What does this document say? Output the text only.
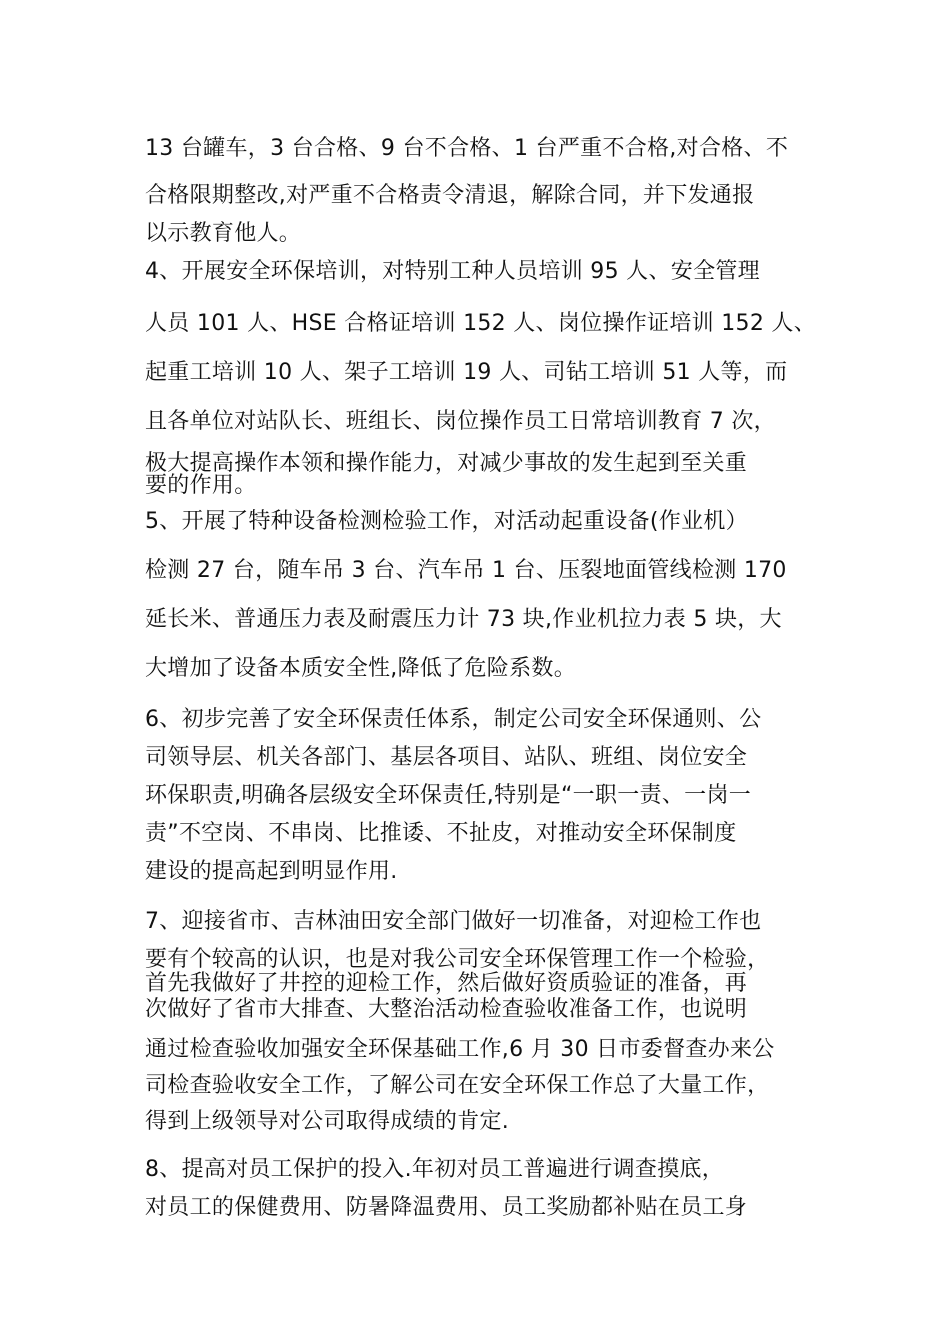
13 台罐车，3 台合格、9 台不合格、1 台严重不合格,对合格、不
合格限期整改,对严重不合格责令清退，解除合同，并下发通报
以示教育他人。
4、开展安全环保培训，对特别工种人员培训 95 人、安全管理
人员 101 人、HSE 合格证培训 152 人、岗位操作证培训 152 人、
起重工培训 10 人、架子工培训 19 人、司钻工培训 51 人等，而
且各单位对站队长、班组长、岗位操作员工日常培训教育 7 次，
极大提高操作本领和操作能力，对减少事故的发生起到至关重
要的作用。
5、开展了特种设备检测检验工作，对活动起重设备(作业机）
检测 27 台，随车吊 3 台、汽车吊 1 台、压裂地面管线检测 170
延长米、普通压力表及耐震压力计 73 块,作业机拉力表 5 块，大
大增加了设备本质安全性,降低了危险系数。
6、初步完善了安全环保责任体系，制定公司安全环保通则、公
司领导层、机关各部门、基层各项目、站队、班组、岗位安全
环保职责,明确各层级安全环保责任,特别是“一职一责、一岗一
责”不空岗、不串岗、比推诿、不扯皮，对推动安全环保制度
建设的提高起到明显作用.
7、迎接省市、吉林油田安全部门做好一切准备，对迎检工作也
要有个较高的认识，也是对我公司安全环保管理工作一个检验，
首先我做好了井控的迎检工作，然后做好资质验证的准备，再
次做好了省市大排查、大整治活动检查验收准备工作，也说明
通过检查验收加强安全环保基础工作,6 月 30 日市委督查办来公
司检查验收安全工作，了解公司在安全环保工作总了大量工作，
得到上级领导对公司取得成绩的肯定.
8、提高对员工保护的投入.年初对员工普遍进行调查摸底，
对员工的保健费用、防暑降温费用、员工奖励都补贴在员工身
